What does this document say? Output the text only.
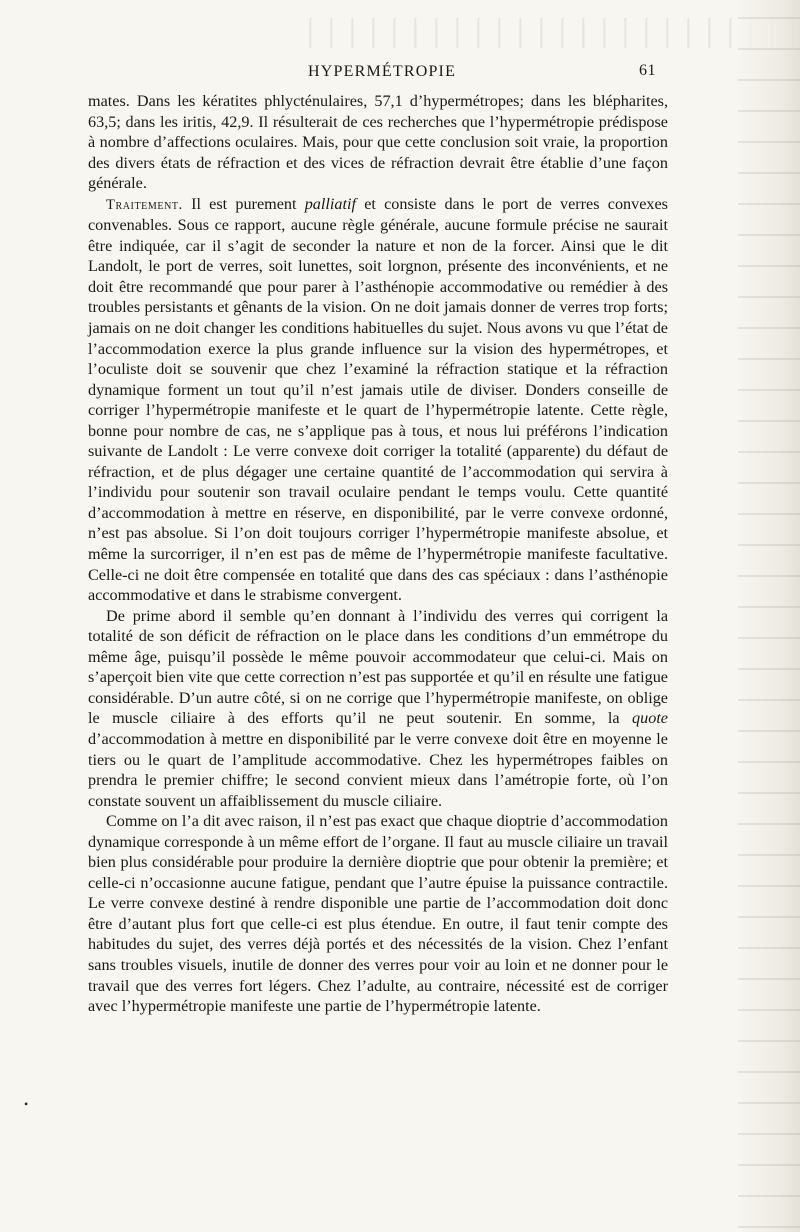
HYPERMÉTROPIE	61

mates. Dans les kératites phlycténulaires, 57,1 d’hypermétropes; dans les blépharites, 63,5; dans les iritis, 42,9. Il résulterait de ces recherches que l’hypermétropie prédispose à nombre d’affections oculaires. Mais, pour que cette conclusion soit vraie, la proportion des divers états de réfraction et des vices de réfraction devrait être établie d’une façon générale.

Traitement. Il est purement palliatif et consiste dans le port de verres convexes convenables. Sous ce rapport, aucune règle générale, aucune formule précise ne saurait être indiquée, car il s’agit de seconder la nature et non de la forcer. Ainsi que le dit Landolt, le port de verres, soit lunettes, soit lorgnon, présente des inconvénients, et ne doit être recommandé que pour parer à l’asthénopie accommodative ou remédier à des troubles persistants et gênants de la vision. On ne doit jamais donner de verres trop forts; jamais on ne doit changer les conditions habituelles du sujet. Nous avons vu que l’état de l’accommodation exerce la plus grande influence sur la vision des hypermétropes, et l’oculiste doit se souvenir que chez l’examiné la réfraction statique et la réfraction dynamique forment un tout qu’il n’est jamais utile de diviser. Donders conseille de corriger l’hypermétropie manifeste et le quart de l’hypermétropie latente. Cette règle, bonne pour nombre de cas, ne s’applique pas à tous, et nous lui préférons l’indication suivante de Landolt : Le verre convexe doit corriger la totalité (apparente) du défaut de réfraction, et de plus dégager une certaine quantité de l’accommodation qui servira à l’individu pour soutenir son travail oculaire pendant le temps voulu. Cette quantité d’accommodation à mettre en réserve, en disponibilité, par le verre convexe ordonné, n’est pas absolue. Si l’on doit toujours corriger l’hypermétropie manifeste absolue, et même la surcorriger, il n’en est pas de même de l’hypermétropie manifeste facultative. Celle-ci ne doit être compensée en totalité que dans des cas spéciaux : dans l’asthénopie accommodative et dans le strabisme convergent.

De prime abord il semble qu’en donnant à l’individu des verres qui corrigent la totalité de son déficit de réfraction on le place dans les conditions d’un emmétrope du même âge, puisqu’il possède le même pouvoir accommodateur que celui-ci. Mais on s’aperçoit bien vite que cette correction n’est pas supportée et qu’il en résulte une fatigue considérable. D’un autre côté, si on ne corrige que l’hypermétropie manifeste, on oblige le muscle ciliaire à des efforts qu’il ne peut soutenir. En somme, la quote d’accommodation à mettre en disponibilité par le verre convexe doit être en moyenne le tiers ou le quart de l’amplitude accommodative. Chez les hypermétropes faibles on prendra le premier chiffre; le second convient mieux dans l’amétropie forte, où l’on constate souvent un affaiblissement du muscle ciliaire.

Comme on l’a dit avec raison, il n’est pas exact que chaque dioptrie d’accommodation dynamique corresponde à un même effort de l’organe. Il faut au muscle ciliaire un travail bien plus considérable pour produire la dernière dioptrie que pour obtenir la première; et celle-ci n’occasionne aucune fatigue, pendant que l’autre épuise la puissance contractile. Le verre convexe destiné à rendre disponible une partie de l’accommodation doit donc être d’autant plus fort que celle-ci est plus étendue. En outre, il faut tenir compte des habitudes du sujet, des verres déjà portés et des nécessités de la vision. Chez l’enfant sans troubles visuels, inutile de donner des verres pour voir au loin et ne donner pour le travail que des verres fort légers. Chez l’adulte, au contraire, nécessité est de corriger avec l’hypermétropie manifeste une partie de l’hypermétropie latente.

•
